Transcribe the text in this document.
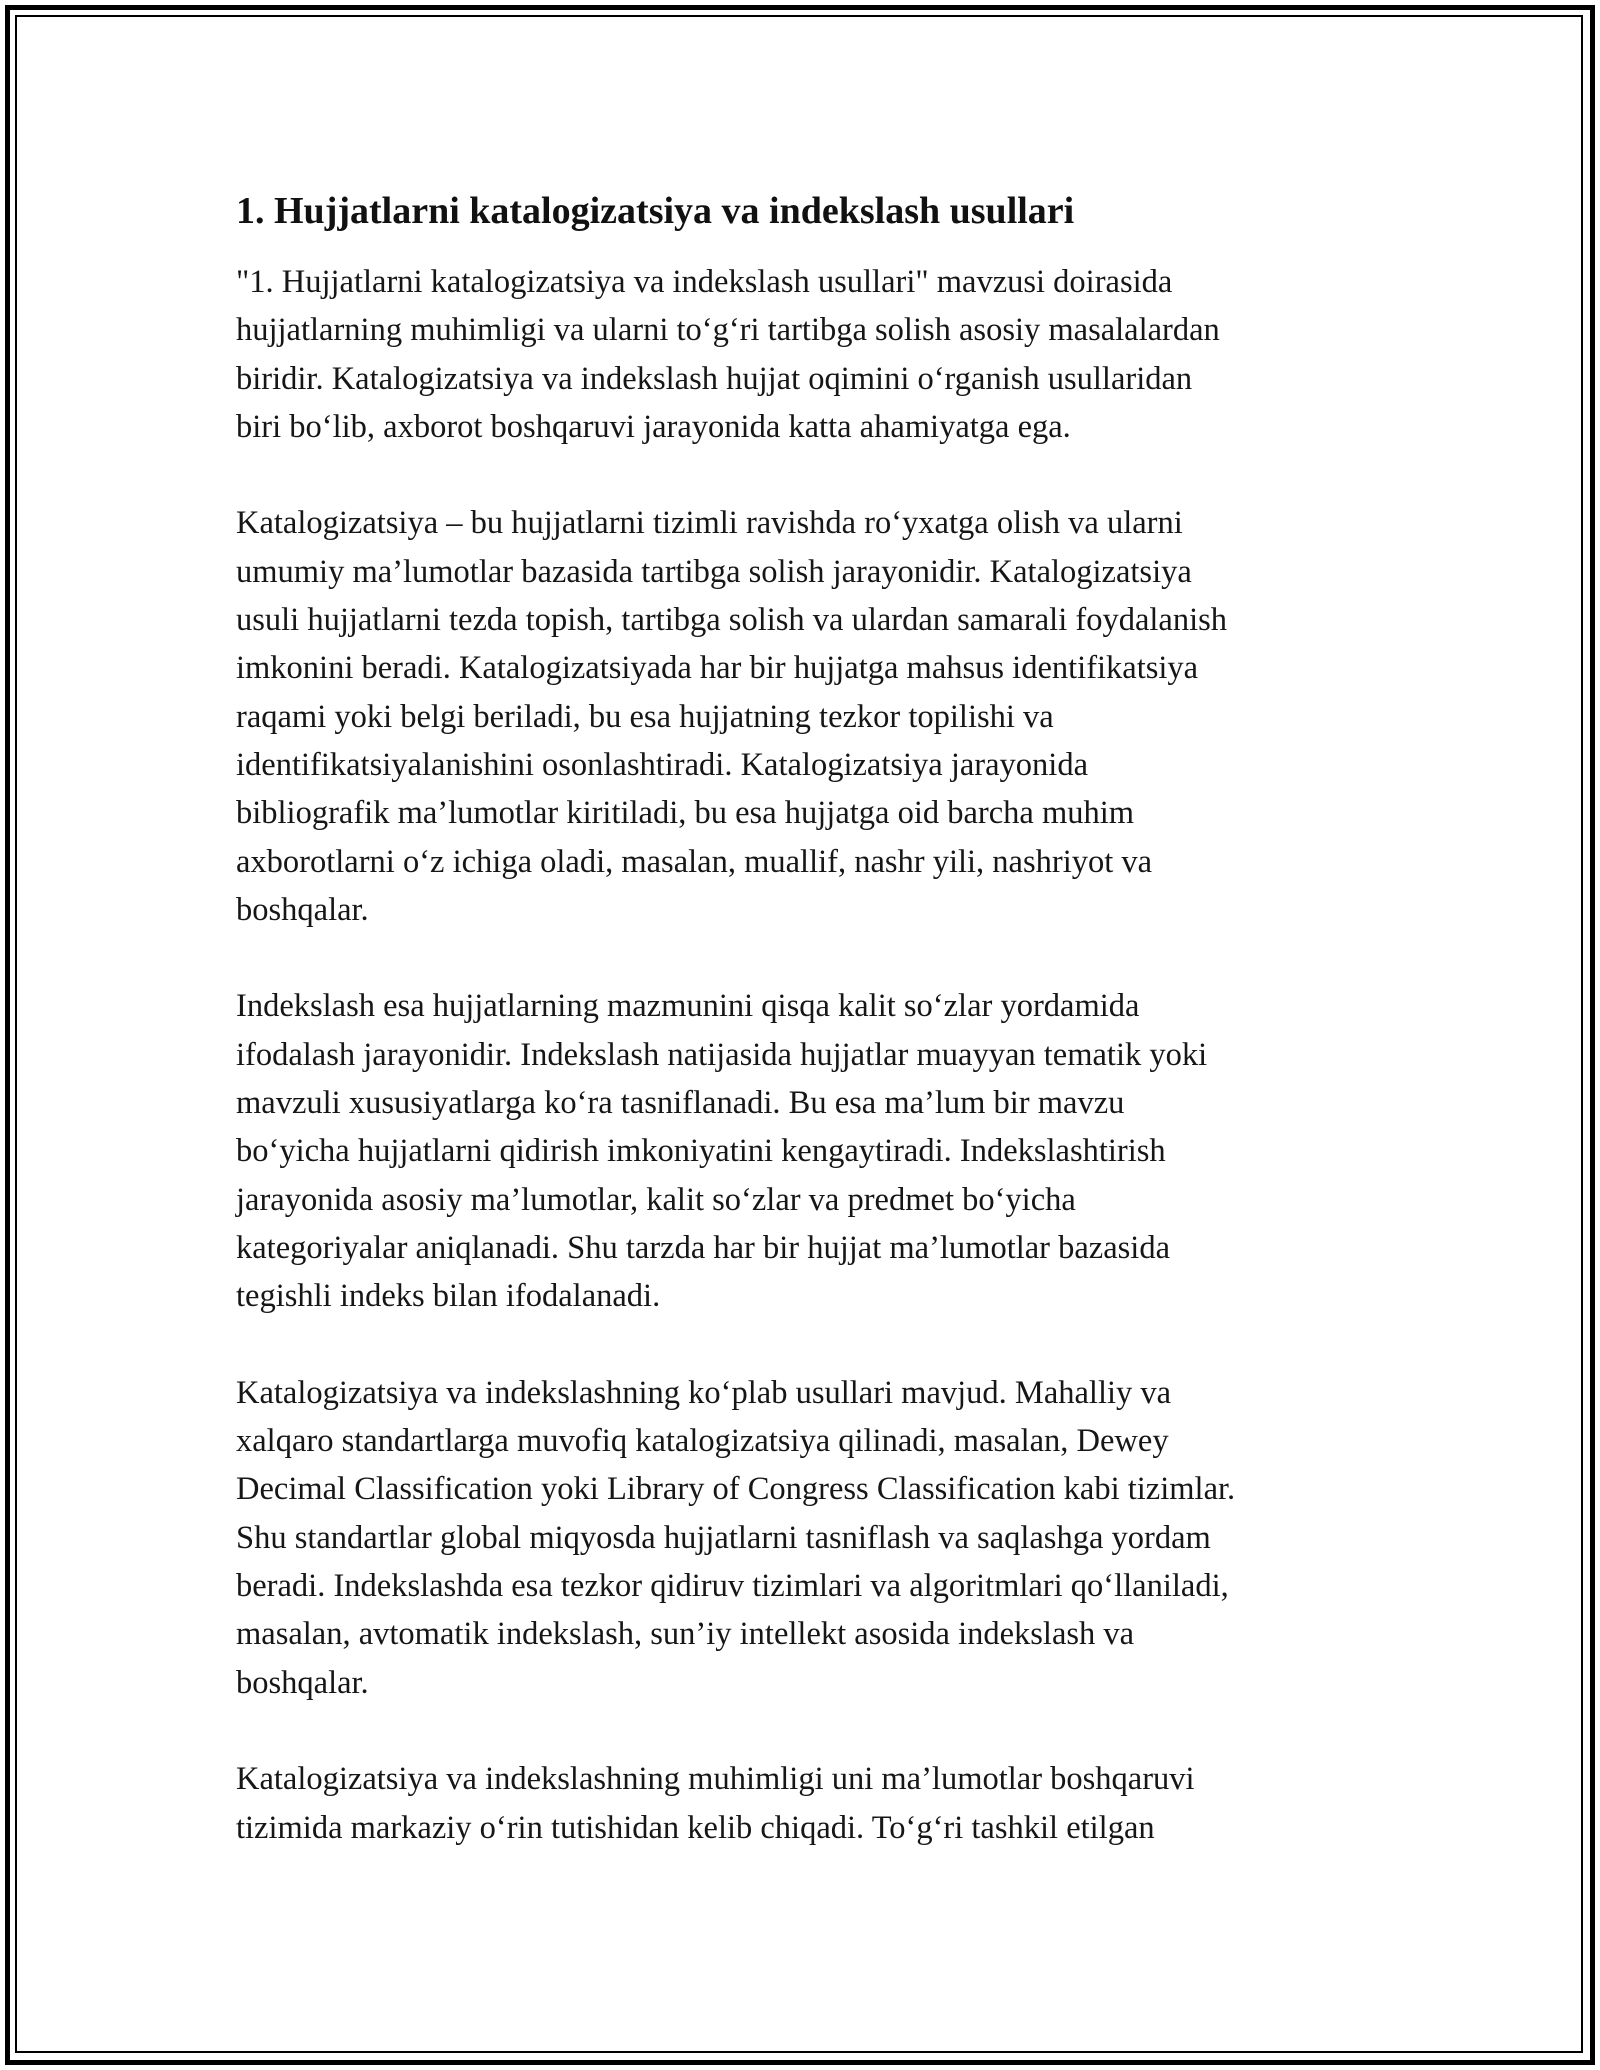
1. Hujjatlarni katalogizatsiya va indekslash usullari

"1. Hujjatlarni katalogizatsiya va indekslash usullari" mavzusi doirasida
hujjatlarning muhimligi va ularni to‘g‘ri tartibga solish asosiy masalalardan
biridir. Katalogizatsiya va indekslash hujjat oqimini o‘rganish usullaridan
biri bo‘lib, axborot boshqaruvi jarayonida katta ahamiyatga ega.

Katalogizatsiya – bu hujjatlarni tizimli ravishda ro‘yxatga olish va ularni
umumiy ma’lumotlar bazasida tartibga solish jarayonidir. Katalogizatsiya
usuli hujjatlarni tezda topish, tartibga solish va ulardan samarali foydalanish
imkonini beradi. Katalogizatsiyada har bir hujjatga mahsus identifikatsiya
raqami yoki belgi beriladi, bu esa hujjatning tezkor topilishi va
identifikatsiyalanishini osonlashtiradi. Katalogizatsiya jarayonida
bibliografik ma’lumotlar kiritiladi, bu esa hujjatga oid barcha muhim
axborotlarni o‘z ichiga oladi, masalan, muallif, nashr yili, nashriyot va
boshqalar.

Indekslash esa hujjatlarning mazmunini qisqa kalit so‘zlar yordamida
ifodalash jarayonidir. Indekslash natijasida hujjatlar muayyan tematik yoki
mavzuli xususiyatlarga ko‘ra tasniflanadi. Bu esa ma’lum bir mavzu
bo‘yicha hujjatlarni qidirish imkoniyatini kengaytiradi. Indekslashtirish
jarayonida asosiy ma’lumotlar, kalit so‘zlar va predmet bo‘yicha
kategoriyalar aniqlanadi. Shu tarzda har bir hujjat ma’lumotlar bazasida
tegishli indeks bilan ifodalanadi.

Katalogizatsiya va indekslashning ko‘plab usullari mavjud. Mahalliy va
xalqaro standartlarga muvofiq katalogizatsiya qilinadi, masalan, Dewey
Decimal Classification yoki Library of Congress Classification kabi tizimlar.
Shu standartlar global miqyosda hujjatlarni tasniflash va saqlashga yordam
beradi. Indekslashda esa tezkor qidiruv tizimlari va algoritmlari qo‘llaniladi,
masalan, avtomatik indekslash, sun’iy intellekt asosida indekslash va
boshqalar.

Katalogizatsiya va indekslashning muhimligi uni ma’lumotlar boshqaruvi
tizimida markaziy o‘rin tutishidan kelib chiqadi. To‘g‘ri tashkil etilgan
